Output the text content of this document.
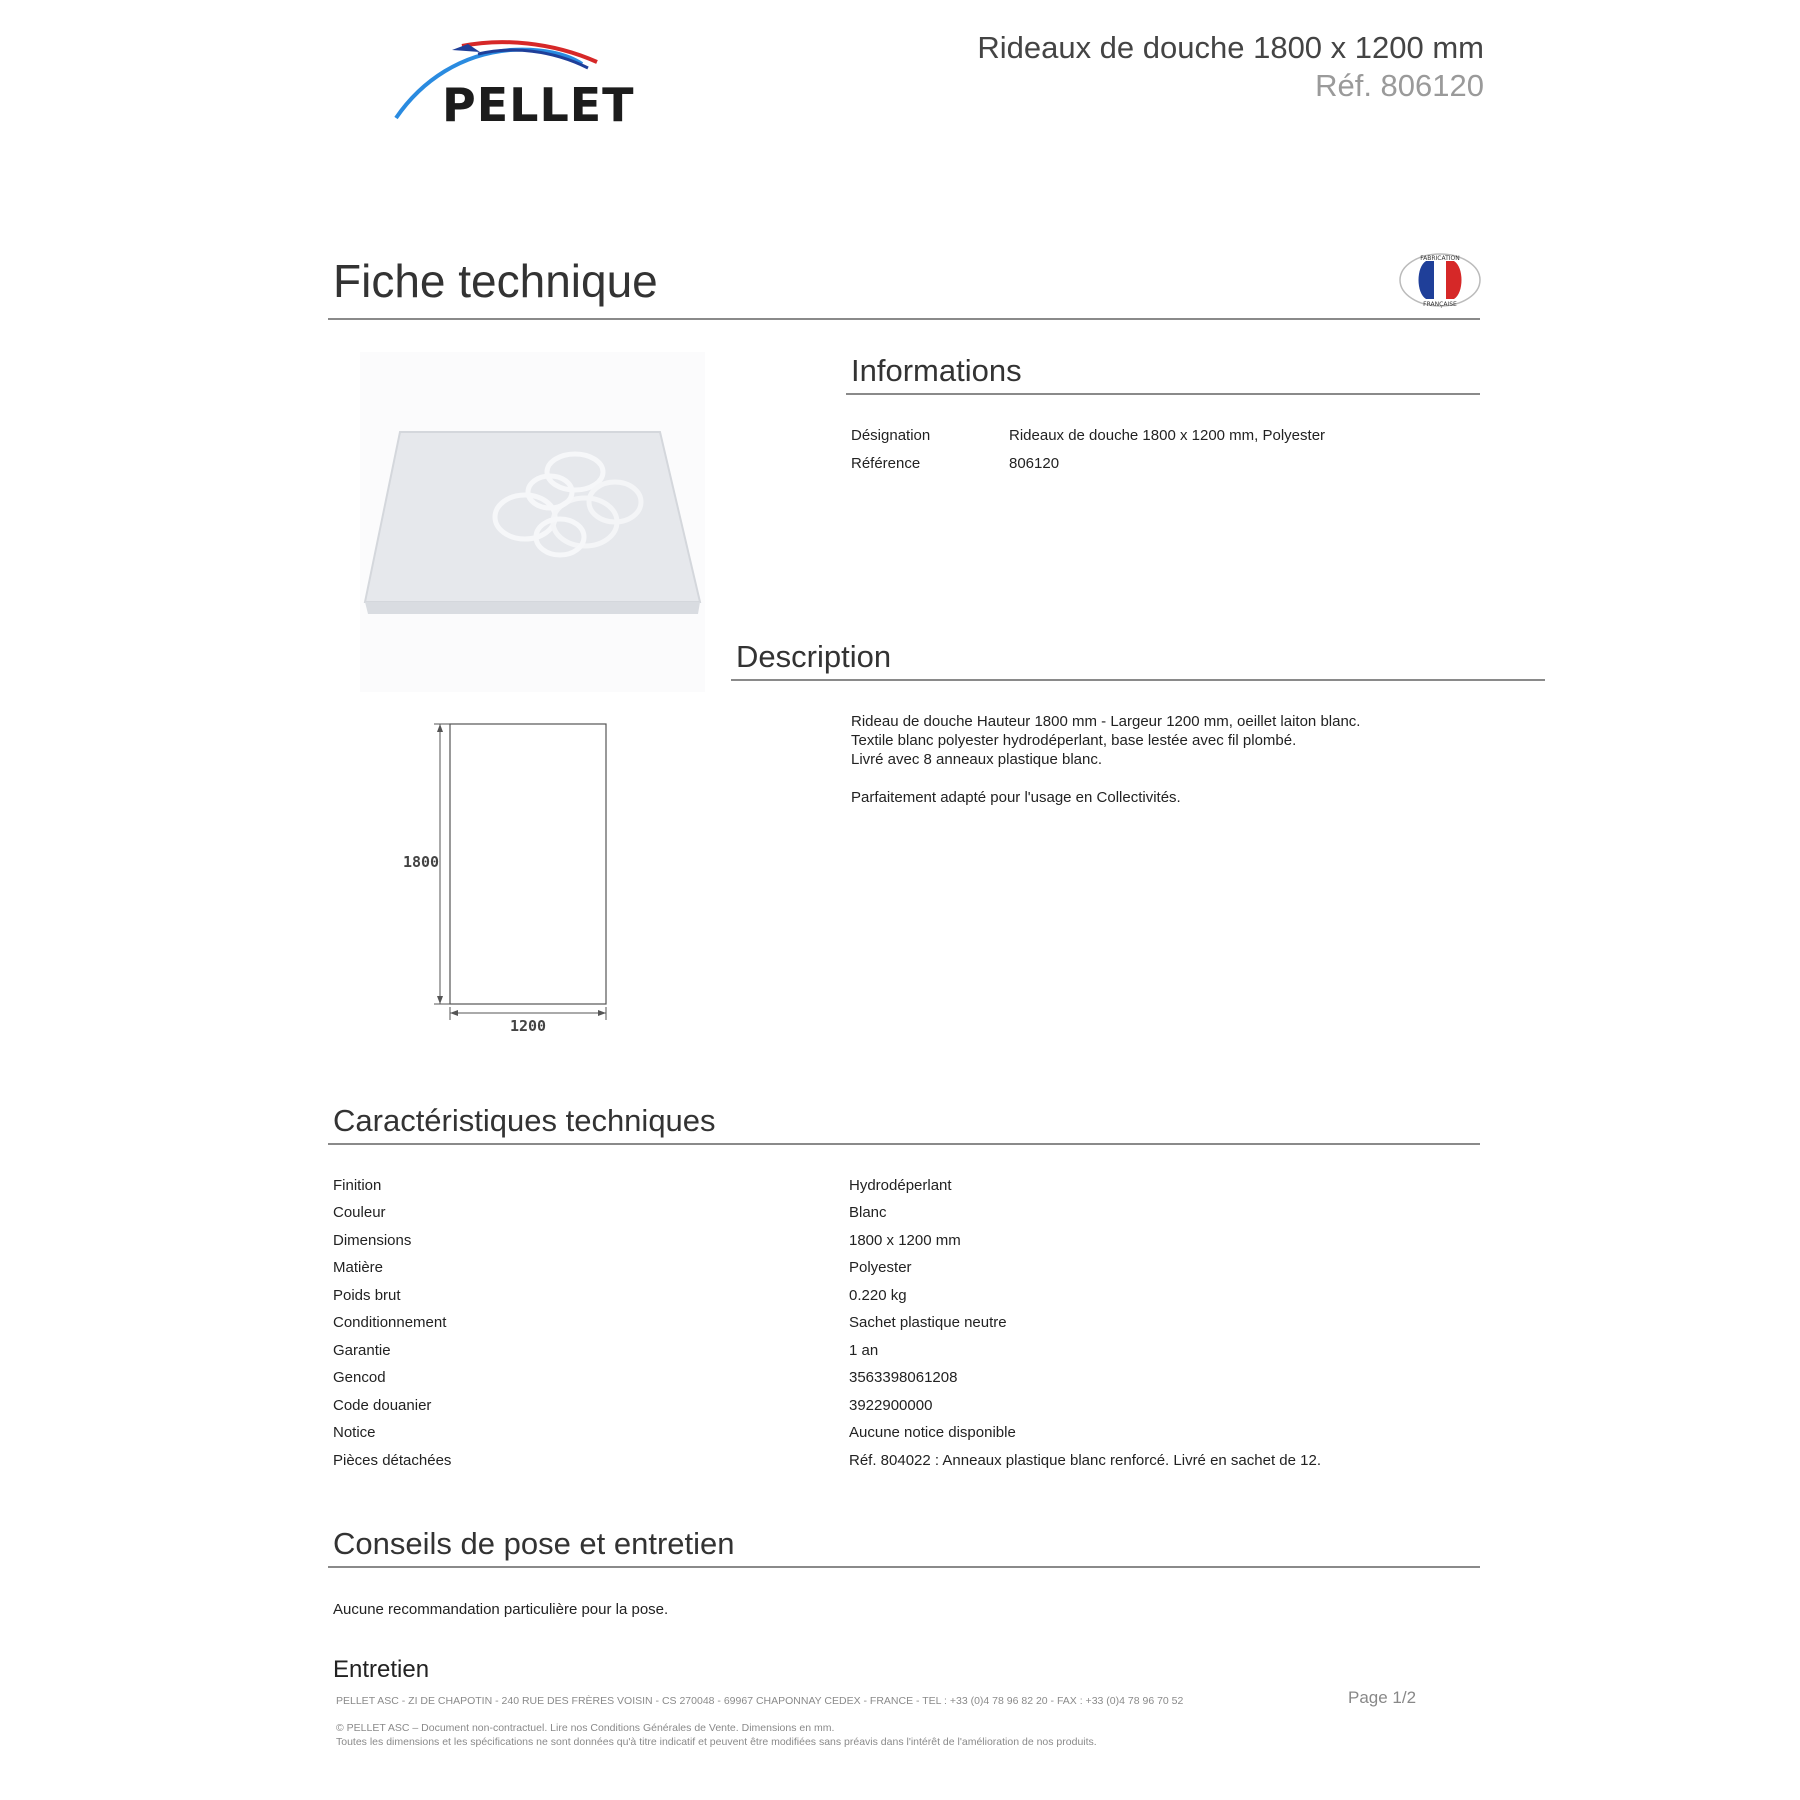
PELLET
Rideaux de douche 1800 x 1200 mm
Réf. 806120
Fiche technique	FABRICATION
FRANÇAISE
Informations
Désignation	Rideaux de douche 1800 x 1200 mm, Polyester
Référence	806120
Description
Rideau de douche Hauteur 1800 mm - Largeur 1200 mm, oeillet laiton blanc.
Textile blanc polyester hydrodéperlant, base lestée avec fil plombé.
Livré avec 8 anneaux plastique blanc.
Parfaitement adapté pour l'usage en Collectivités.
1800
1200
Caractéristiques techniques
Finition	Hydrodéperlant
Couleur	Blanc
Dimensions	1800 x 1200 mm
Matière	Polyester
Poids brut	0.220 kg
Conditionnement	Sachet plastique neutre
Garantie	1 an
Gencod	3563398061208
Code douanier	3922900000
Notice	Aucune notice disponible
Pièces détachées	Réf. 804022 : Anneaux plastique blanc renforcé. Livré en sachet de 12.
Conseils de pose et entretien
Aucune recommandation particulière pour la pose.
Entretien
PELLET ASC - ZI DE CHAPOTIN - 240 RUE DES FRÈRES VOISIN - CS 270048 - 69967 CHAPONNAY CEDEX - FRANCE - TEL : +33 (0)4 78 96 82 20 - FAX : +33 (0)4 78 96 70 52	Page 1/2
© PELLET ASC – Document non-contractuel. Lire nos Conditions Générales de Vente. Dimensions en mm.
Toutes les dimensions et les spécifications ne sont données qu'à titre indicatif et peuvent être modifiées sans préavis dans l'intérêt de l'amélioration de nos produits.
